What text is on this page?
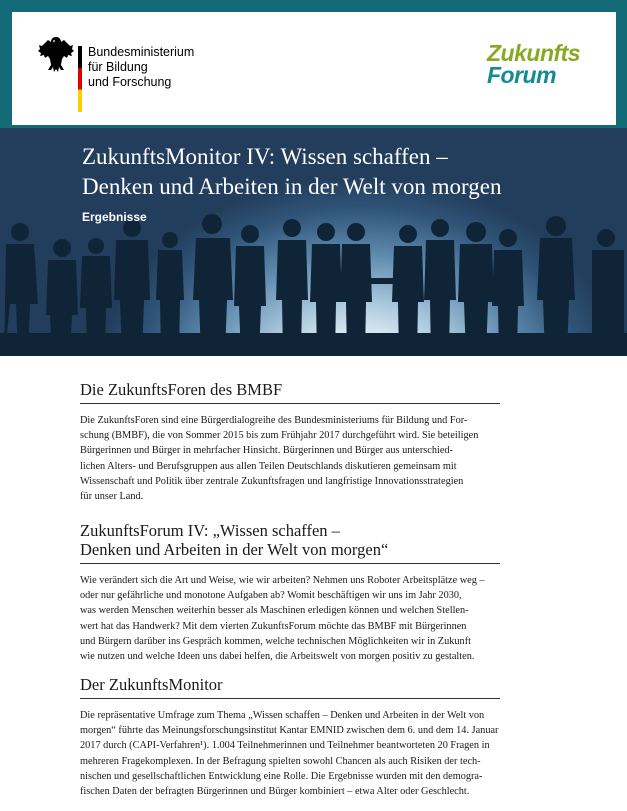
Bundesministerium
für Bildung
und Forschung
Zukunfts
Forum
ZukunftsMonitor IV: Wissen schaffen –
Denken und Arbeiten in der Welt von morgen
Ergebnisse
Die ZukunftsForen des BMBF

Die ZukunftsForen sind eine Bürgerdialogreihe des Bundesministeriums für Bildung und For-
schung (BMBF), die von Sommer 2015 bis zum Frühjahr 2017 durchgeführt wird. Sie beteiligen
Bürgerinnen und Bürger in mehrfacher Hinsicht. Bürgerinnen und Bürger aus unterschied-
lichen Alters- und Berufsgruppen aus allen Teilen Deutschlands diskutieren gemeinsam mit
Wissenschaft und Politik über zentrale Zukunftsfragen und langfristige Innovationsstrategien
für unser Land.

ZukunftsForum IV: „Wissen schaffen –
Denken und Arbeiten in der Welt von morgen“

Wie verändert sich die Art und Weise, wie wir arbeiten? Nehmen uns Roboter Arbeitsplätze weg –
oder nur gefährliche und monotone Aufgaben ab? Womit beschäftigen wir uns im Jahr 2030,
was werden Menschen weiterhin besser als Maschinen erledigen können und welchen Stellen-
wert hat das Handwerk? Mit dem vierten ZukunftsForum möchte das BMBF mit Bürgerinnen
und Bürgern darüber ins Gespräch kommen, welche technischen Möglichkeiten wir in Zukunft
wie nutzen und welche Ideen uns dabei helfen, die Arbeitswelt von morgen positiv zu gestalten.

Der ZukunftsMonitor

Die repräsentative Umfrage zum Thema „Wissen schaffen – Denken und Arbeiten in der Welt von
morgen“ führte das Meinungsforschungsinstitut Kantar EMNID zwischen dem 6. und dem 14. Januar
2017 durch (CAPI-Verfahren¹). 1.004 Teilnehmerinnen und Teilnehmer beantworteten 20 Fragen in
mehreren Fragekomplexen. In der Befragung spielten sowohl Chancen als auch Risiken der tech-
nischen und gesellschaftlichen Entwicklung eine Rolle. Die Ergebnisse wurden mit den demogra-
fischen Daten der befragten Bürgerinnen und Bürger kombiniert – etwa Alter oder Geschlecht.
